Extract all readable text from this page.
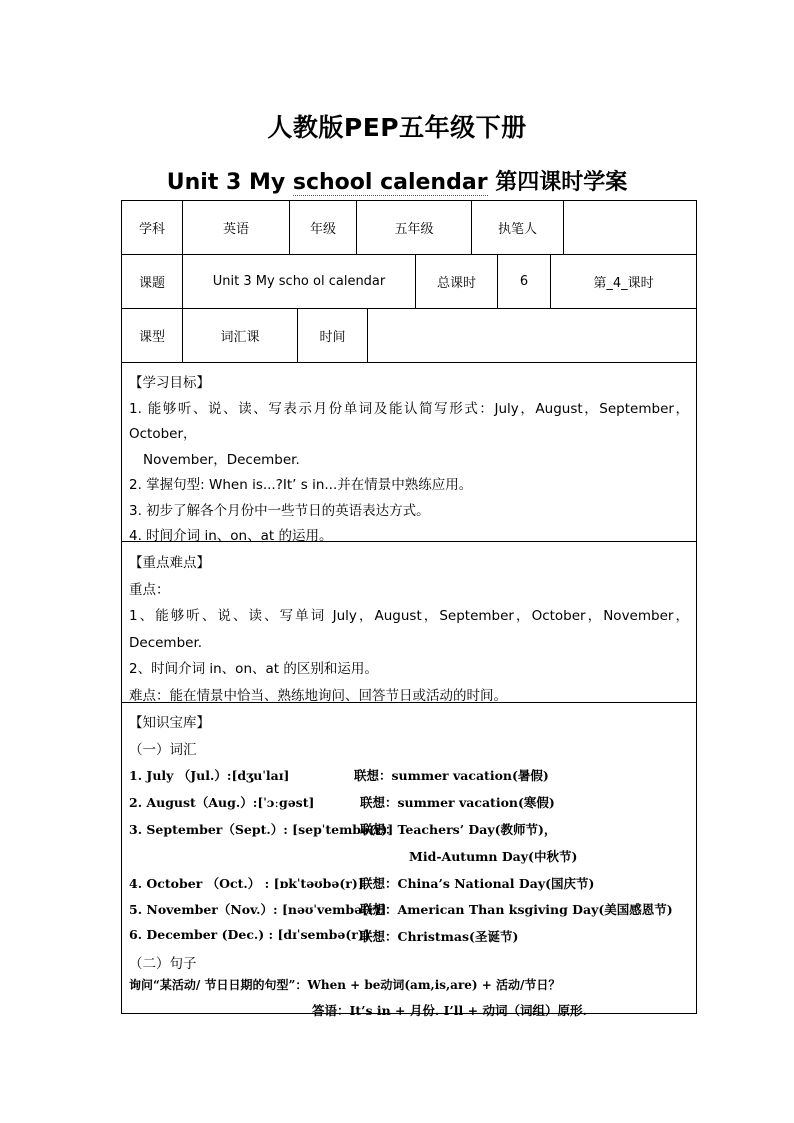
人教版PEP五年级下册
Unit 3 My school calendar 第四课时学案
学科	英语	年级	五年级	执笔人
课题	Unit 3 My scho ol calendar	总课时	6	第_4_课时
课型	词汇课	时间
【学习目标】
1. 能够听、说、读、写表示月份单词及能认简写形式：July，August，September，
October，
November，December.
2. 掌握句型: When is...?It’ s in...并在情景中熟练应用。
3. 初步了解各个月份中一些节日的英语表达方式。
4. 时间介词 in、on、at 的运用。
【重点难点】
重点：
1、能够听、说、读、写单词 July，August，September，October，November，
December.
2、时间介词 in、on、at 的区别和运用。
难点：能在情景中恰当、熟练地询问、回答节日或活动的时间。
【知识宝库】
（一）词汇
1. July （Jul.）:[dʒuˈlaɪ]	联想：summer vacation(暑假)
2. August（Aug.）:[ˈɔːgəst]	联想：summer vacation(寒假)
3. September（Sept.）: [sepˈtembə(r)]
联想：Teachers’ Day(教师节)，
Mid-Autumn Day(中秋节)
4. October （Oct.） : [ɒkˈtəʊbə(r)]
联想：China’s National Day(国庆节)
5. November（Nov.）: [nəʊˈvembə(r)]
联想：American Than ksgiving Day(美国感恩节)
6. December (Dec.) : [dɪˈsembə(r)]
联想：Christmas(圣诞节)
（二）句子
询问“某活动/ 节日日期的句型”：When + be动词(am,is,are) + 活动/节日？
答语：It’s in + 月份. I’ll + 动词（词组）原形.
